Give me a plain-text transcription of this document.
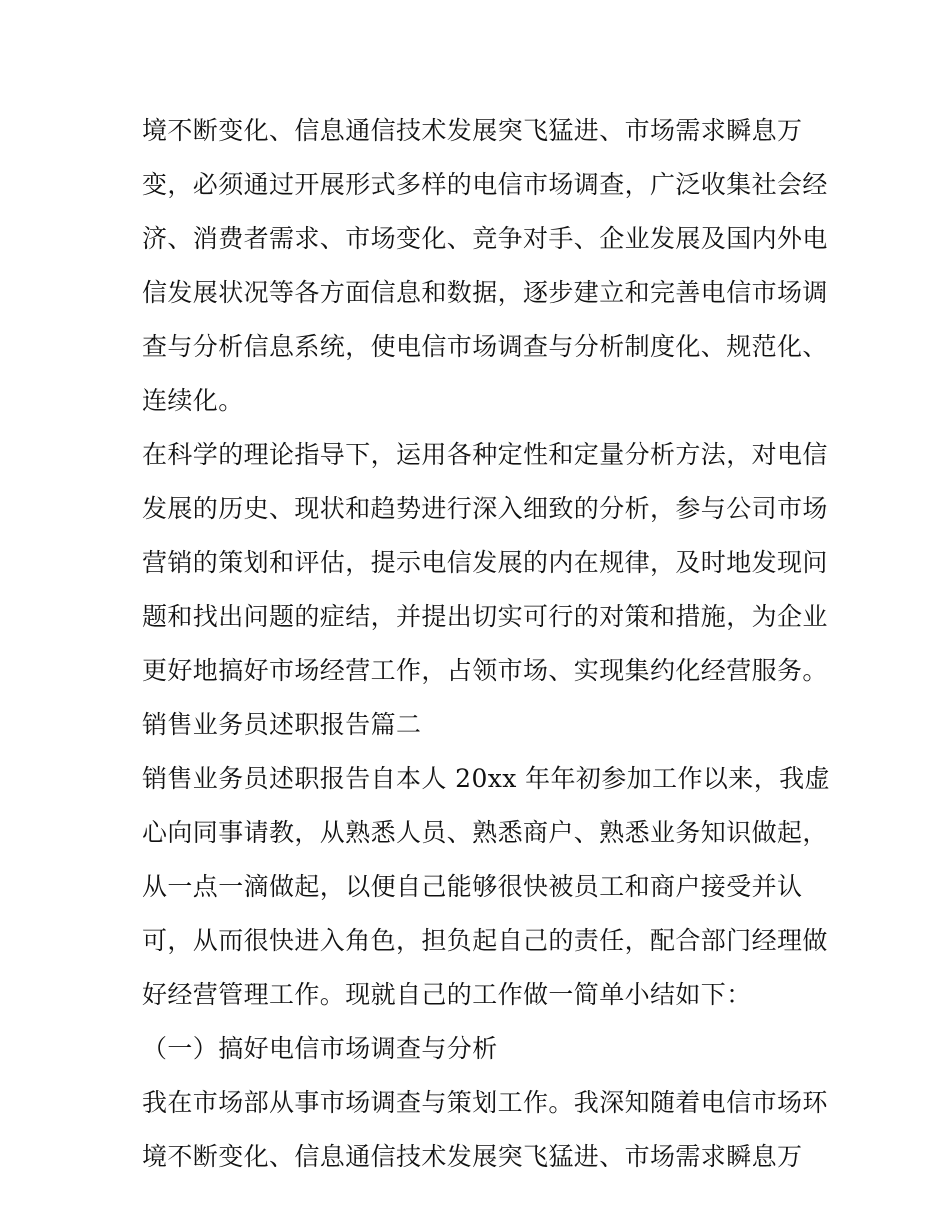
境不断变化、信息通信技术发展突飞猛进、市场需求瞬息万
变，必须通过开展形式多样的电信市场调查，广泛收集社会经
济、消费者需求、市场变化、竞争对手、企业发展及国内外电
信发展状况等各方面信息和数据，逐步建立和完善电信市场调
查与分析信息系统，使电信市场调查与分析制度化、规范化、
连续化。
在科学的理论指导下，运用各种定性和定量分析方法，对电信
发展的历史、现状和趋势进行深入细致的分析，参与公司市场
营销的策划和评估，提示电信发展的内在规律，及时地发现问
题和找出问题的症结，并提出切实可行的对策和措施，为企业
更好地搞好市场经营工作，占领市场、实现集约化经营服务。
销售业务员述职报告篇二
销售业务员述职报告自本人 20xx 年年初参加工作以来，我虚
心向同事请教，从熟悉人员、熟悉商户、熟悉业务知识做起，
从一点一滴做起，以便自己能够很快被员工和商户接受并认
可，从而很快进入角色，担负起自己的责任，配合部门经理做
好经营管理工作。现就自己的工作做一简单小结如下：
（一）搞好电信市场调查与分析
我在市场部从事市场调查与策划工作。我深知随着电信市场环
境不断变化、信息通信技术发展突飞猛进、市场需求瞬息万
